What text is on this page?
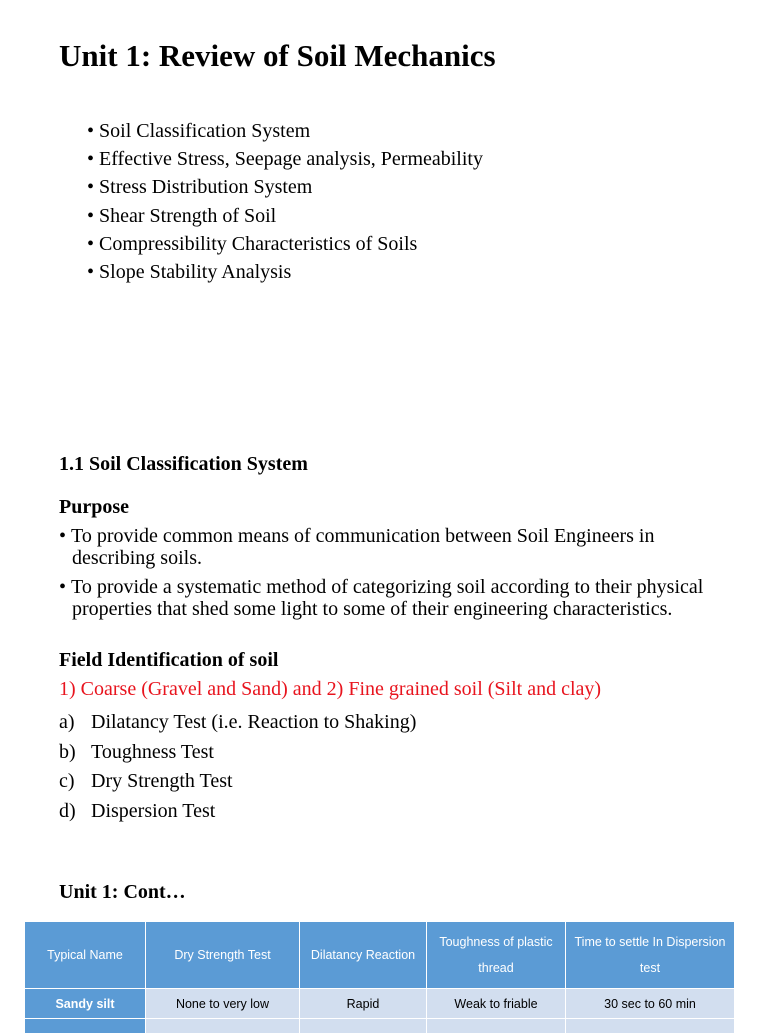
Unit 1: Review of Soil Mechanics
• Soil Classification System
• Effective Stress, Seepage analysis, Permeability
• Stress Distribution System
• Shear Strength of Soil
• Compressibility Characteristics of Soils
• Slope Stability Analysis
1.1 Soil Classification System
Purpose
• To provide common means of communication between Soil Engineers in describing soils.
• To provide a systematic method of categorizing soil according to their physical properties that shed some light to some of their engineering characteristics.
Field Identification of soil
1) Coarse (Gravel and Sand) and 2) Fine grained soil (Silt and clay)
a) Dilatancy Test (i.e. Reaction to Shaking)
b) Toughness Test
c) Dry Strength Test
d) Dispersion Test
Unit 1: Cont…
Typical Name	Dry Strength Test	Dilatancy Reaction	Toughness of plastic thread	Time to settle In Dispersion test
Sandy silt	None to very low	Rapid	Weak to friable	30 sec to 60 min
